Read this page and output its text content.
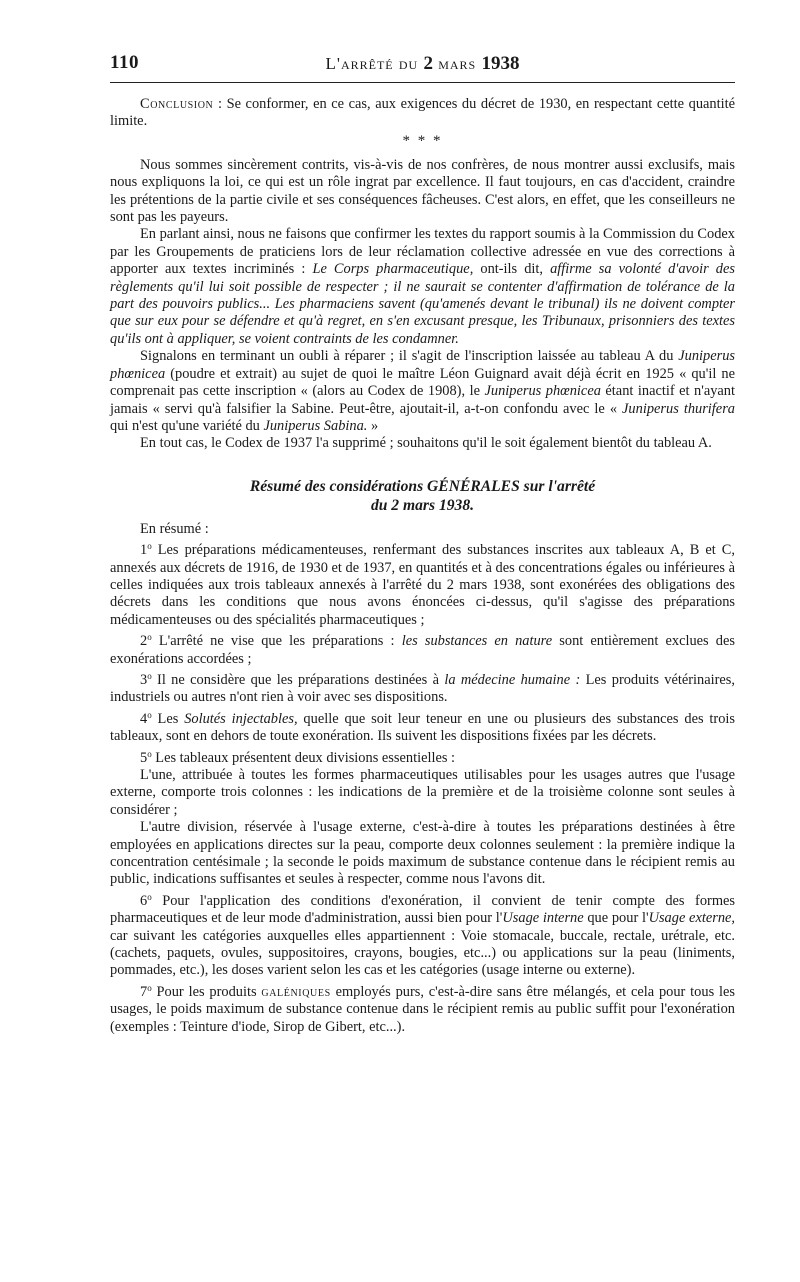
110	L'arrêté du 2 mars 1938

Conclusion : Se conformer, en ce cas, aux exigences du décret de 1930, en respectant cette quantité limite.

* * *

Nous sommes sincèrement contrits, vis-à-vis de nos confrères, de nous montrer aussi exclusifs, mais nous expliquons la loi, ce qui est un rôle ingrat par excellence. Il faut toujours, en cas d'accident, craindre les prétentions de la partie civile et ses conséquences fâcheuses. C'est alors, en effet, que les conseilleurs ne sont pas les payeurs.

En parlant ainsi, nous ne faisons que confirmer les textes du rapport soumis à la Commission du Codex par les Groupements de praticiens lors de leur réclamation collective adressée en vue des corrections à apporter aux textes incriminés : Le Corps pharmaceutique, ont-ils dit, affirme sa volonté d'avoir des règlements qu'il lui soit possible de respecter ; il ne saurait se contenter d'affirmation de tolérance de la part des pouvoirs publics... Les pharmaciens savent (qu'amenés devant le tribunal) ils ne doivent compter que sur eux pour se défendre et qu'à regret, en s'en excusant presque, les Tribunaux, prisonniers des textes qu'ils ont à appliquer, se voient contraints de les condamner.

Signalons en terminant un oubli à réparer ; il s'agit de l'inscription laissée au tableau A du Juniperus phœnicea (poudre et extrait) au sujet de quoi le maître Léon Guignard avait déjà écrit en 1925 « qu'il ne comprenait pas cette inscription « (alors au Codex de 1908), le Juniperus phœnicea étant inactif et n'ayant jamais « servi qu'à falsifier la Sabine. Peut-être, ajoutait-il, a-t-on confondu avec le « Juniperus thurifera qui n'est qu'une variété du Juniperus Sabina. »

En tout cas, le Codex de 1937 l'a supprimé ; souhaitons qu'il le soit également bientôt du tableau A.

Résumé des considérations GÉNÉRALES sur l'arrêté
du 2 mars 1938.

En résumé :

1$^o$ Les préparations médicamenteuses, renfermant des substances inscrites aux tableaux A, B et C, annexés aux décrets de 1916, de 1930 et de 1937, en quantités et à des concentrations égales ou inférieures à celles indiquées aux trois tableaux annexés à l'arrêté du 2 mars 1938, sont exonérées des obligations des décrets dans les conditions que nous avons énoncées ci-dessus, qu'il s'agisse des préparations médicamenteuses ou des spécialités pharmaceutiques ;

2$^o$ L'arrêté ne vise que les préparations : les substances en nature sont entièrement exclues des exonérations accordées ;

3$^o$ Il ne considère que les préparations destinées à la médecine humaine : Les produits vétérinaires, industriels ou autres n'ont rien à voir avec ses dispositions.

4$^o$ Les Solutés injectables, quelle que soit leur teneur en une ou plusieurs des substances des trois tableaux, sont en dehors de toute exonération. Ils suivent les dispositions fixées par les décrets.

5$^o$ Les tableaux présentent deux divisions essentielles :

L'une, attribuée à toutes les formes pharmaceutiques utilisables pour les usages autres que l'usage externe, comporte trois colonnes : les indications de la première et de la troisième colonne sont seules à considérer ;

L'autre division, réservée à l'usage externe, c'est-à-dire à toutes les préparations destinées à être employées en applications directes sur la peau, comporte deux colonnes seulement : la première indique la concentration centésimale ; la seconde le poids maximum de substance contenue dans le récipient remis au public, indications suffisantes et seules à respecter, comme nous l'avons dit.

6$^o$ Pour l'application des conditions d'exonération, il convient de tenir compte des formes pharmaceutiques et de leur mode d'administration, aussi bien pour l'Usage interne que pour l'Usage externe, car suivant les catégories auxquelles elles appartiennent : Voie stomacale, buccale, rectale, urétrale, etc. (cachets, paquets, ovules, suppositoires, crayons, bougies, etc...) ou applications sur la peau (liniments, pommades, etc.), les doses varient selon les cas et les catégories (usage interne ou externe).

7$^o$ Pour les produits galéniques employés purs, c'est-à-dire sans être mélangés, et cela pour tous les usages, le poids maximum de substance contenue dans le récipient remis au public suffit pour l'exonération (exemples : Teinture d'iode, Sirop de Gibert, etc...).
